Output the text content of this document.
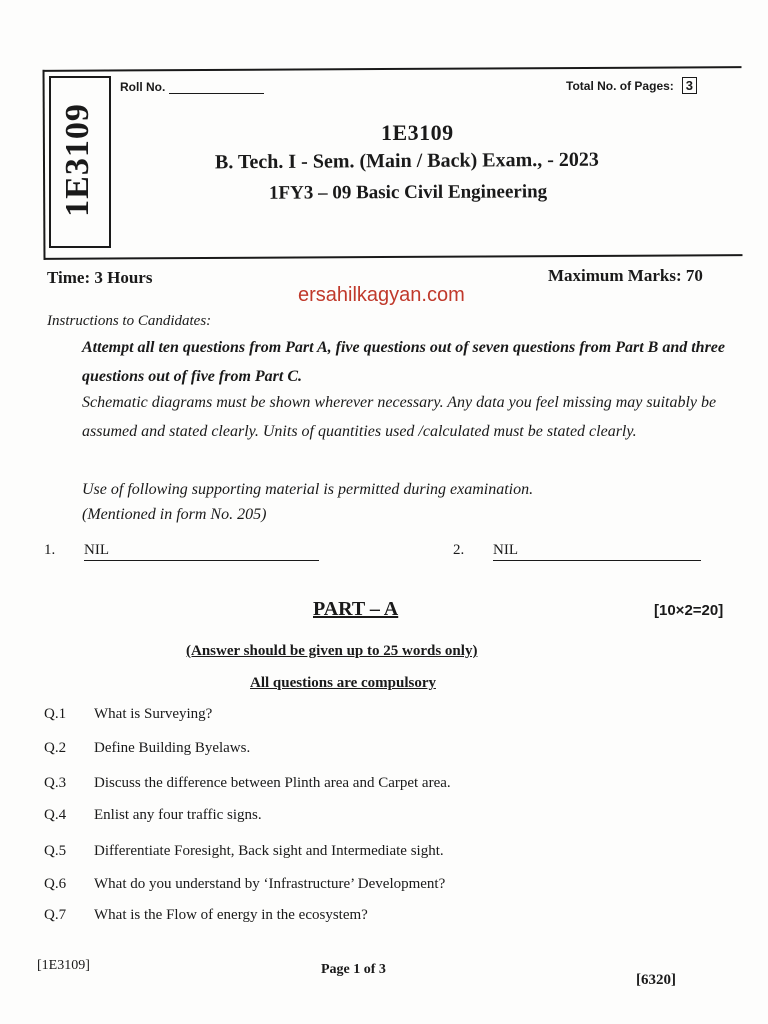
1E3109
Roll No.	Total No. of Pages: 3
1E3109
B. Tech. I - Sem. (Main / Back) Exam., - 2023
1FY3 – 09 Basic Civil Engineering
Time: 3 Hours	Maximum Marks: 70
ersahilkagyan.com
Instructions to Candidates:

Attempt all ten questions from Part A, five questions out of seven questions from Part B and three questions out of five from Part C.

Schematic diagrams must be shown wherever necessary. Any data you feel missing may suitably be assumed and stated clearly. Units of quantities used /calculated must be stated clearly.

Use of following supporting material is permitted during examination.

(Mentioned in form No. 205)

1. NIL	2. NIL
PART – A	[10×2=20]
(Answer should be given up to 25 words only)
All questions are compulsory
Q.1 What is Surveying?
Q.2 Define Building Byelaws.
Q.3 Discuss the difference between Plinth area and Carpet area.
Q.4 Enlist any four traffic signs.
Q.5 Differentiate Foresight, Back sight and Intermediate sight.
Q.6 What do you understand by ‘Infrastructure’ Development?
Q.7 What is the Flow of energy in the ecosystem?
[1E3109]	Page 1 of 3
[6320]
